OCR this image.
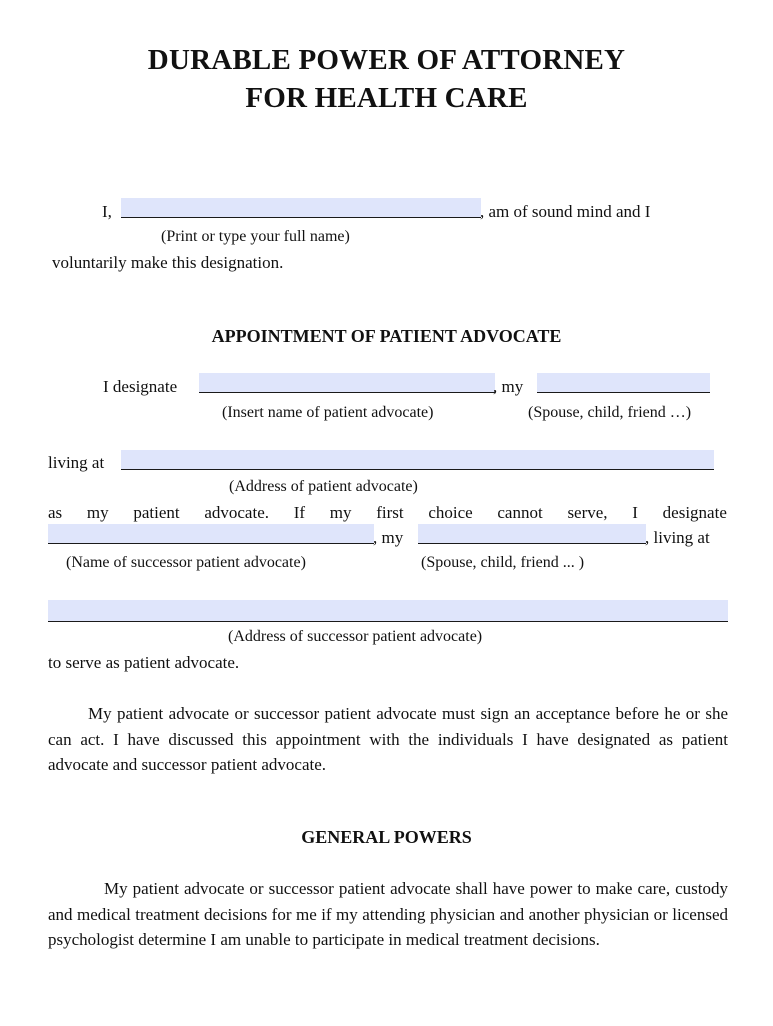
DURABLE POWER OF ATTORNEY
FOR HEALTH CARE
I,	, am of sound mind and I
(Print or type your full name)
voluntarily make this designation.
APPOINTMENT OF PATIENT ADVOCATE
I designate	, my
(Insert name of patient advocate)	(Spouse, child, friend …)
living at
(Address of patient advocate)
as my patient advocate. If my first choice cannot serve, I designate
, my	, living at
(Name of successor patient advocate)	(Spouse, child, friend ... )
(Address of successor patient advocate)
to serve as patient advocate.
My patient advocate or successor patient advocate must sign an acceptance before he or she can act. I have discussed this appointment with the individuals I have designated as patient advocate and successor patient advocate.
GENERAL POWERS
My patient advocate or successor patient advocate shall have power to make care, custody and medical treatment decisions for me if my attending physician and another physician or licensed psychologist determine I am unable to participate in medical treatment decisions.
